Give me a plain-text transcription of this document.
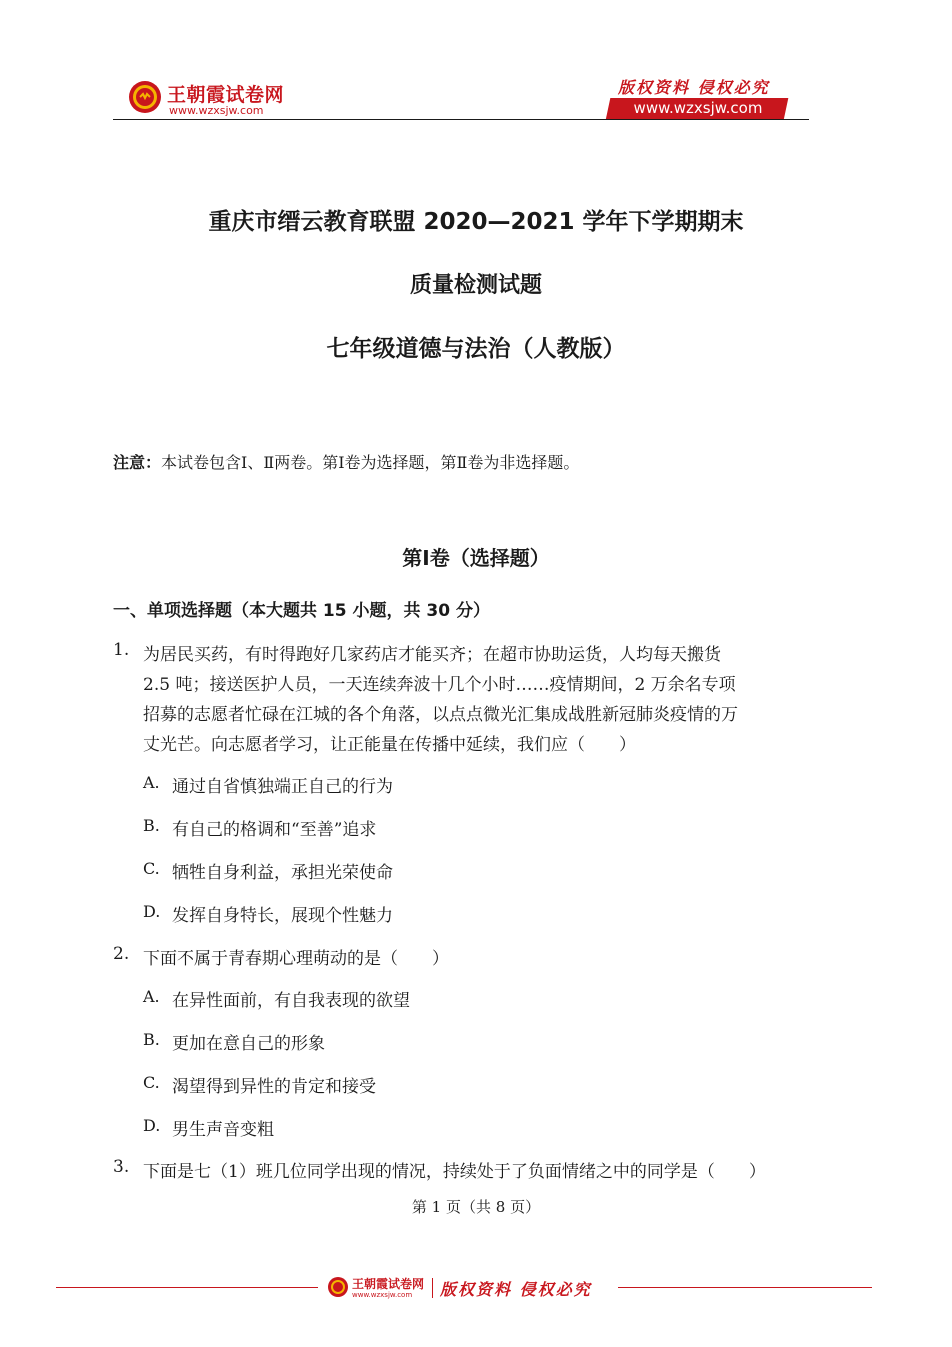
王朝霞试卷网
www.wzxsjw.com
版权资料 侵权必究
www.wzxsjw.com
重庆市缙云教育联盟 2020—2021 学年下学期期末
质量检测试题
七年级道德与法治（人教版）
注意：本试卷包含Ⅰ、Ⅱ两卷。第Ⅰ卷为选择题，第Ⅱ卷为非选择题。
第Ⅰ卷（选择题）
一、单项选择题（本大题共 15 小题，共 30 分）
1. 为居民买药，有时得跑好几家药店才能买齐；在超市协助运货，人均每天搬货
2.5 吨；接送医护人员，一天连续奔波十几个小时……疫情期间，2 万余名专项
招募的志愿者忙碌在江城的各个角落，以点点微光汇集成战胜新冠肺炎疫情的万
丈光芒。向志愿者学习，让正能量在传播中延续，我们应（　　）
A. 通过自省慎独端正自己的行为
B. 有自己的格调和“至善”追求
C. 牺牲自身利益，承担光荣使命
D. 发挥自身特长，展现个性魅力
2. 下面不属于青春期心理萌动的是（　　）
A. 在异性面前，有自我表现的欲望
B. 更加在意自己的形象
C. 渴望得到异性的肯定和接受
D. 男生声音变粗
3. 下面是七（1）班几位同学出现的情况，持续处于了负面情绪之中的同学是（　　）
第 1 页（共 8 页）
王朝霞试卷网
www.wzxsjw.com 版权资料 侵权必究
